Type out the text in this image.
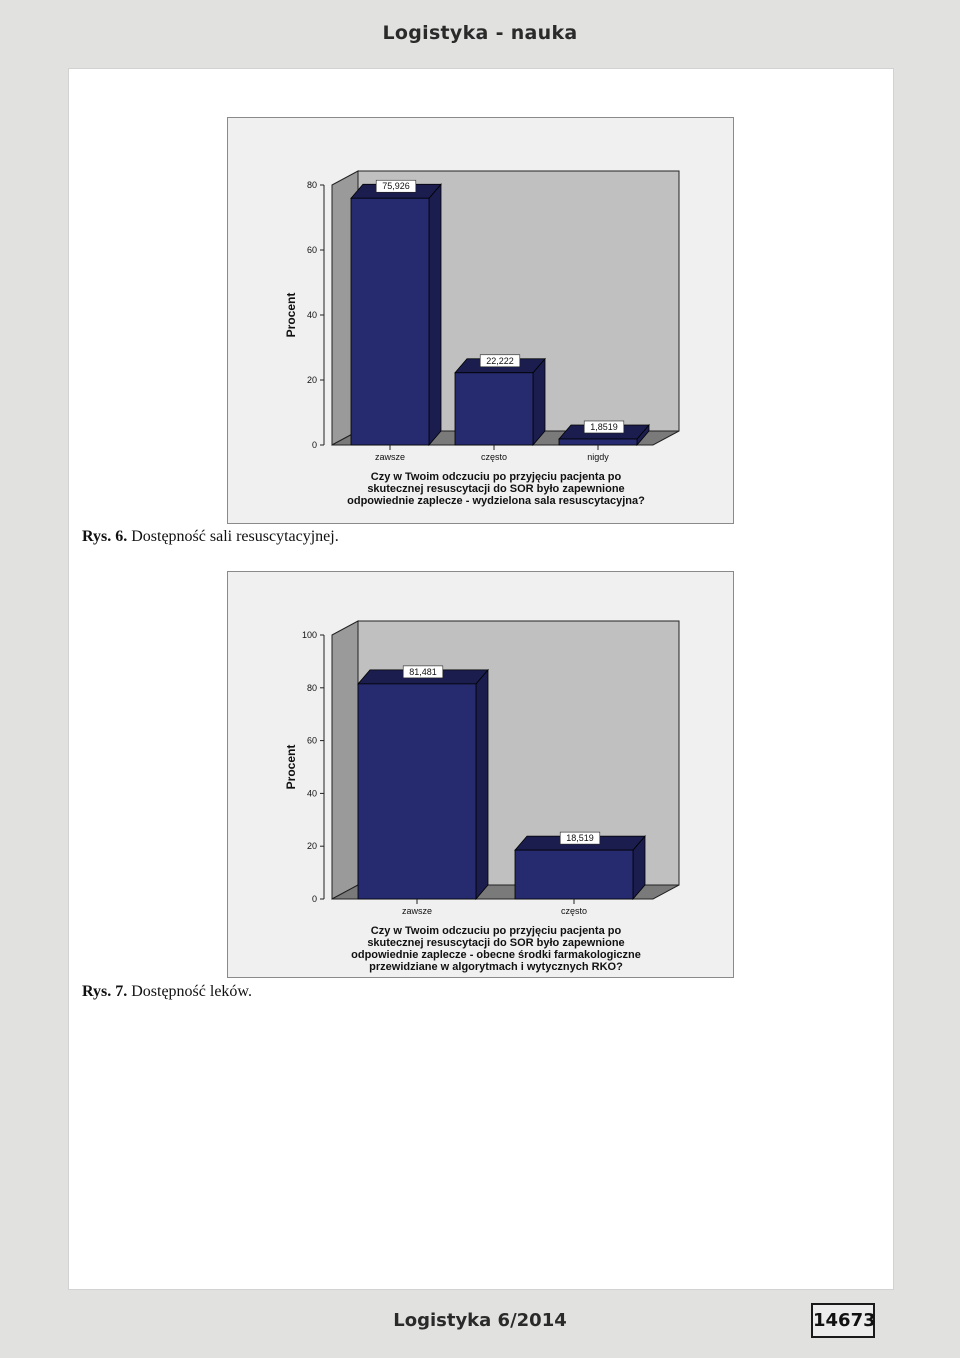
Logistyka - nauka
0
20
40
60
80
Procent
75,926
zawsze
22,222
często
1,8519
nigdy
Czy w Twoim odczuciu po przyjęciu pacjenta po
skutecznej resuscytacji do SOR było zapewnione
odpowiednie zaplecze - wydzielona sala resuscytacyjna?
Rys. 6. Dostępność sali resuscytacyjnej.
0
20
40
60
80
100
Procent
81,481
zawsze
18,519
często
Czy w Twoim odczuciu po przyjęciu pacjenta po
skutecznej resuscytacji do SOR było zapewnione
odpowiednie zaplecze - obecne środki farmakologiczne
przewidziane w algorytmach i wytycznych RKO?
Rys. 7. Dostępność leków.
Logistyka 6/2014	14673
